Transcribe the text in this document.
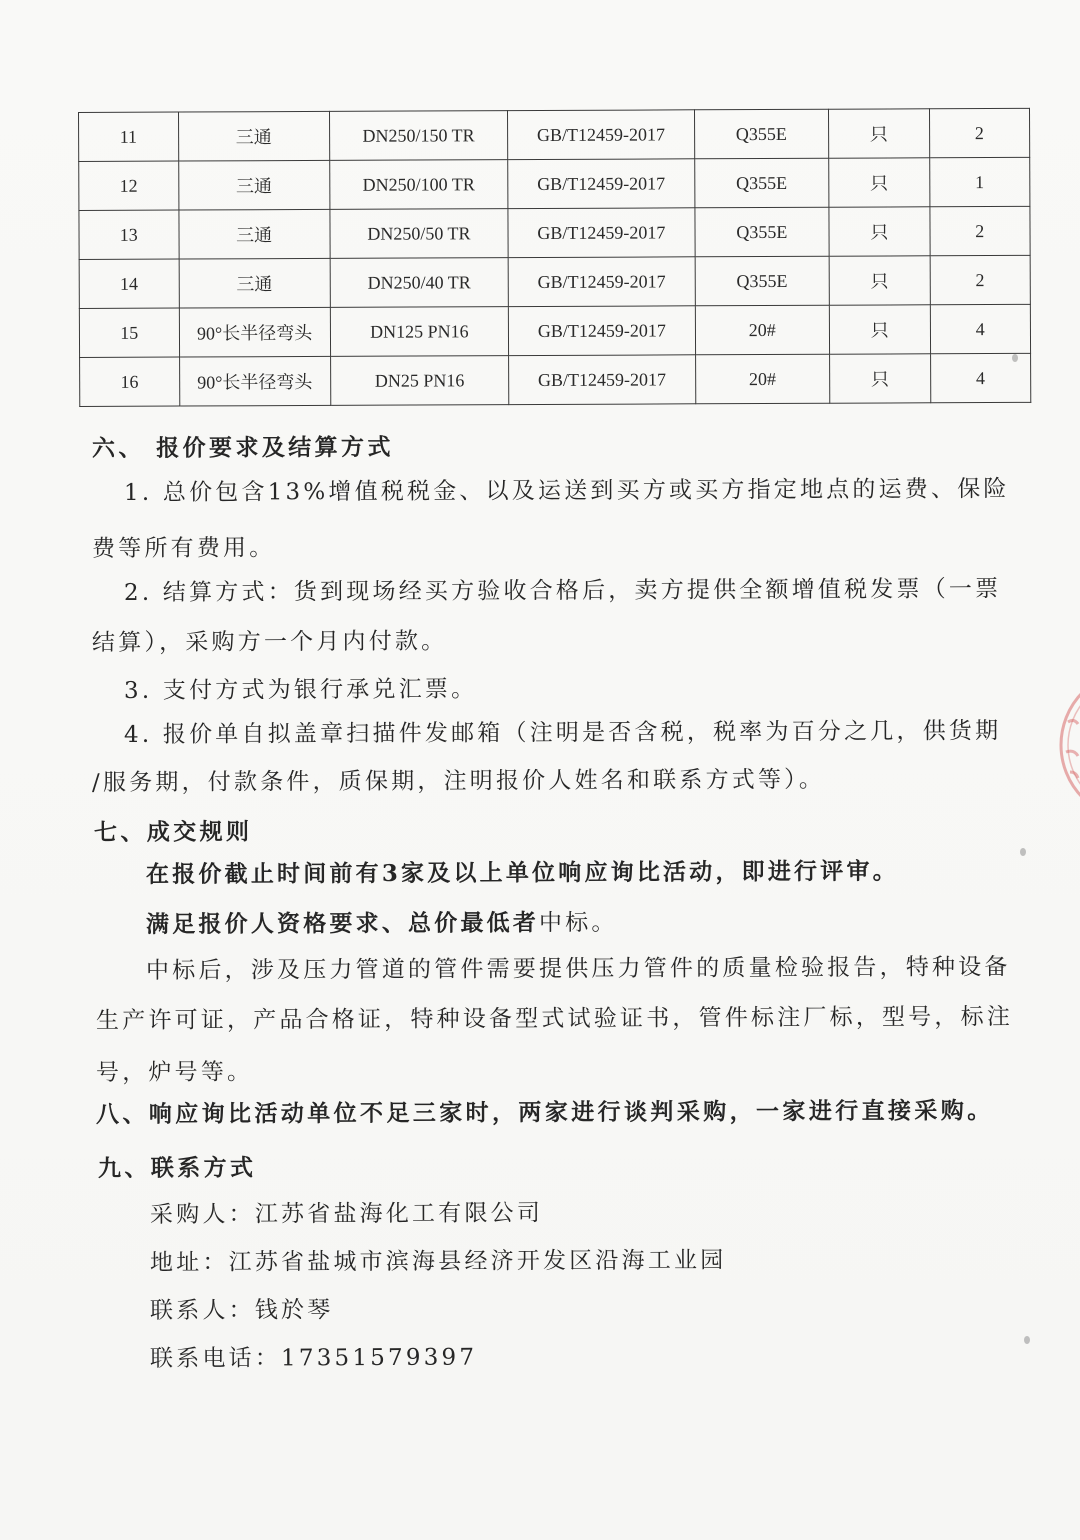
11	三通	DN250/150 TR	GB/T12459-2017	Q355E	只	2
12	三通	DN250/100 TR	GB/T12459-2017	Q355E	只	1
13	三通	DN250/50 TR	GB/T12459-2017	Q355E	只	2
14	三通	DN250/40 TR	GB/T12459-2017	Q355E	只	2
15	90°长半径弯头	DN125 PN16	GB/T12459-2017	20#	只	4
16	90°长半径弯头	DN25 PN16	GB/T12459-2017	20#	只	4
六、 报价要求及结算方式
1. 总价包含13%增值税税金、以及运送到买方或买方指定地点的运费、保险
费等所有费用。
2. 结算方式：货到现场经买方验收合格后，卖方提供全额增值税发票（一票
结算），采购方一个月内付款。
3. 支付方式为银行承兑汇票。
4. 报价单自拟盖章扫描件发邮箱（注明是否含税，税率为百分之几，供货期
/服务期，付款条件，质保期，注明报价人姓名和联系方式等）。
七、成交规则
在报价截止时间前有3家及以上单位响应询比活动，即进行评审。
满足报价人资格要求、总价最低者中标。
中标后，涉及压力管道的管件需要提供压力管件的质量检验报告，特种设备
生产许可证，产品合格证，特种设备型式试验证书，管件标注厂标，型号，标注
号，炉号等。
八、响应询比活动单位不足三家时，两家进行谈判采购，一家进行直接采购。
九、联系方式
采购人：江苏省盐海化工有限公司
地址：江苏省盐城市滨海县经济开发区沿海工业园
联系人：钱於琴
联系电话：17351579397
